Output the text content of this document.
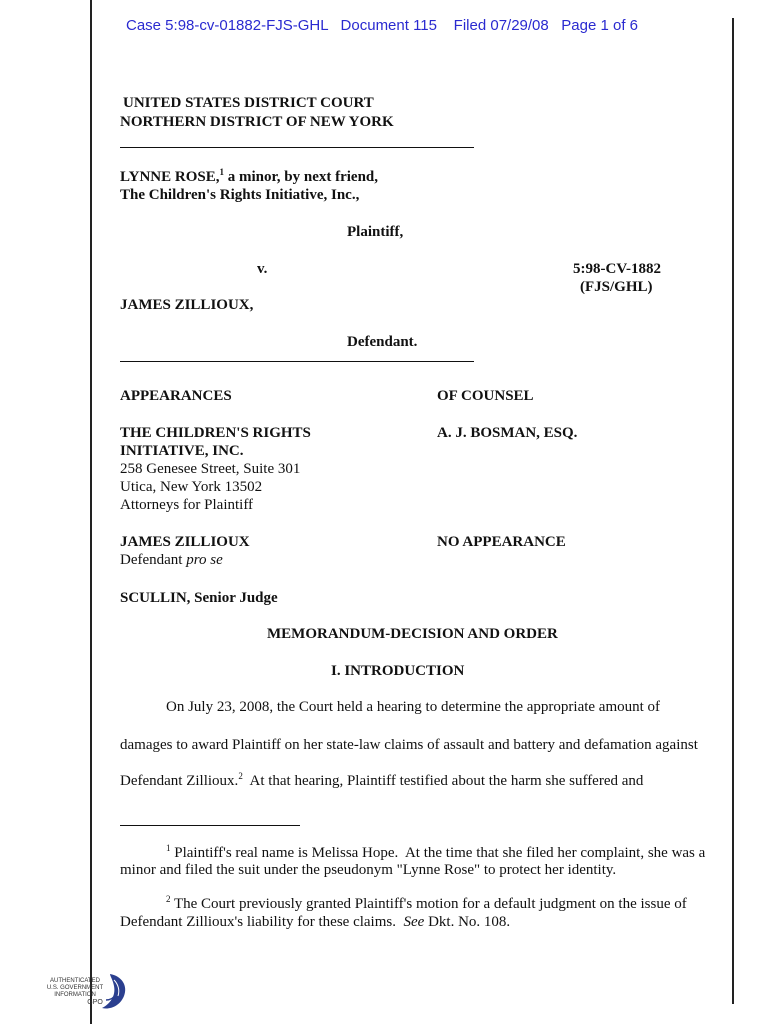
Case 5:98-cv-01882-FJS-GHL Document 115 Filed 07/29/08 Page 1 of 6
UNITED STATES DISTRICT COURT
NORTHERN DISTRICT OF NEW YORK
LYNNE ROSE,$^1$ a minor, by next friend,
The Children's Rights Initiative, Inc.,
Plaintiff,
v.	5:98-CV-1882
(FJS/GHL)
JAMES ZILLIOUX,
Defendant.
APPEARANCES	OF COUNSEL
THE CHILDREN'S RIGHTS
INITIATIVE, INC.
258 Genesee Street, Suite 301
Utica, New York 13502
Attorneys for Plaintiff
A. J. BOSMAN, ESQ.
JAMES ZILLIOUX
Defendant pro se
NO APPEARANCE
SCULLIN, Senior Judge
MEMORANDUM-DECISION AND ORDER
I. INTRODUCTION
On July 23, 2008, the Court held a hearing to determine the appropriate amount of
damages to award Plaintiff on her state-law claims of assault and battery and defamation against
Defendant Zillioux.$^2$  At that hearing, Plaintiff testified about the harm she suffered and
$^1$ Plaintiff's real name is Melissa Hope.  At the time that she filed her complaint, she was a
minor and filed the suit under the pseudonym "Lynne Rose" to protect her identity.
$^2$ The Court previously granted Plaintiff's motion for a default judgment on the issue of
Defendant Zillioux's liability for these claims.  See Dkt. No. 108.
AUTHENTICATED
U.S. GOVERNMENT
INFORMATION
GPO
